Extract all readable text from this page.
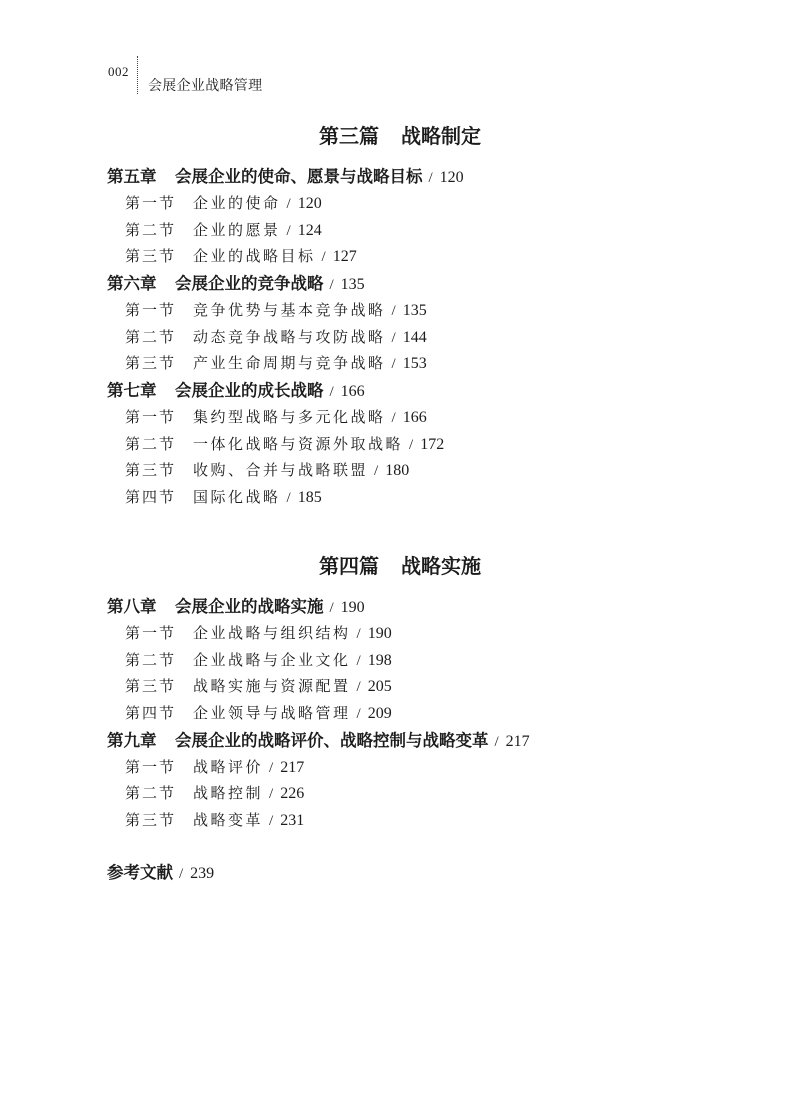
002
会展企业战略管理
第三篇 战略制定
第五章 会展企业的使命、愿景与战略目标 / 120
第一节 企业的使命 / 120
第二节 企业的愿景 / 124
第三节 企业的战略目标 / 127
第六章 会展企业的竞争战略 / 135
第一节 竞争优势与基本竞争战略 / 135
第二节 动态竞争战略与攻防战略 / 144
第三节 产业生命周期与竞争战略 / 153
第七章 会展企业的成长战略 / 166
第一节 集约型战略与多元化战略 / 166
第二节 一体化战略与资源外取战略 / 172
第三节 收购、合并与战略联盟 / 180
第四节 国际化战略 / 185
第四篇 战略实施
第八章 会展企业的战略实施 / 190
第一节 企业战略与组织结构 / 190
第二节 企业战略与企业文化 / 198
第三节 战略实施与资源配置 / 205
第四节 企业领导与战略管理 / 209
第九章 会展企业的战略评价、战略控制与战略变革 / 217
第一节 战略评价 / 217
第二节 战略控制 / 226
第三节 战略变革 / 231
参考文献 / 239
